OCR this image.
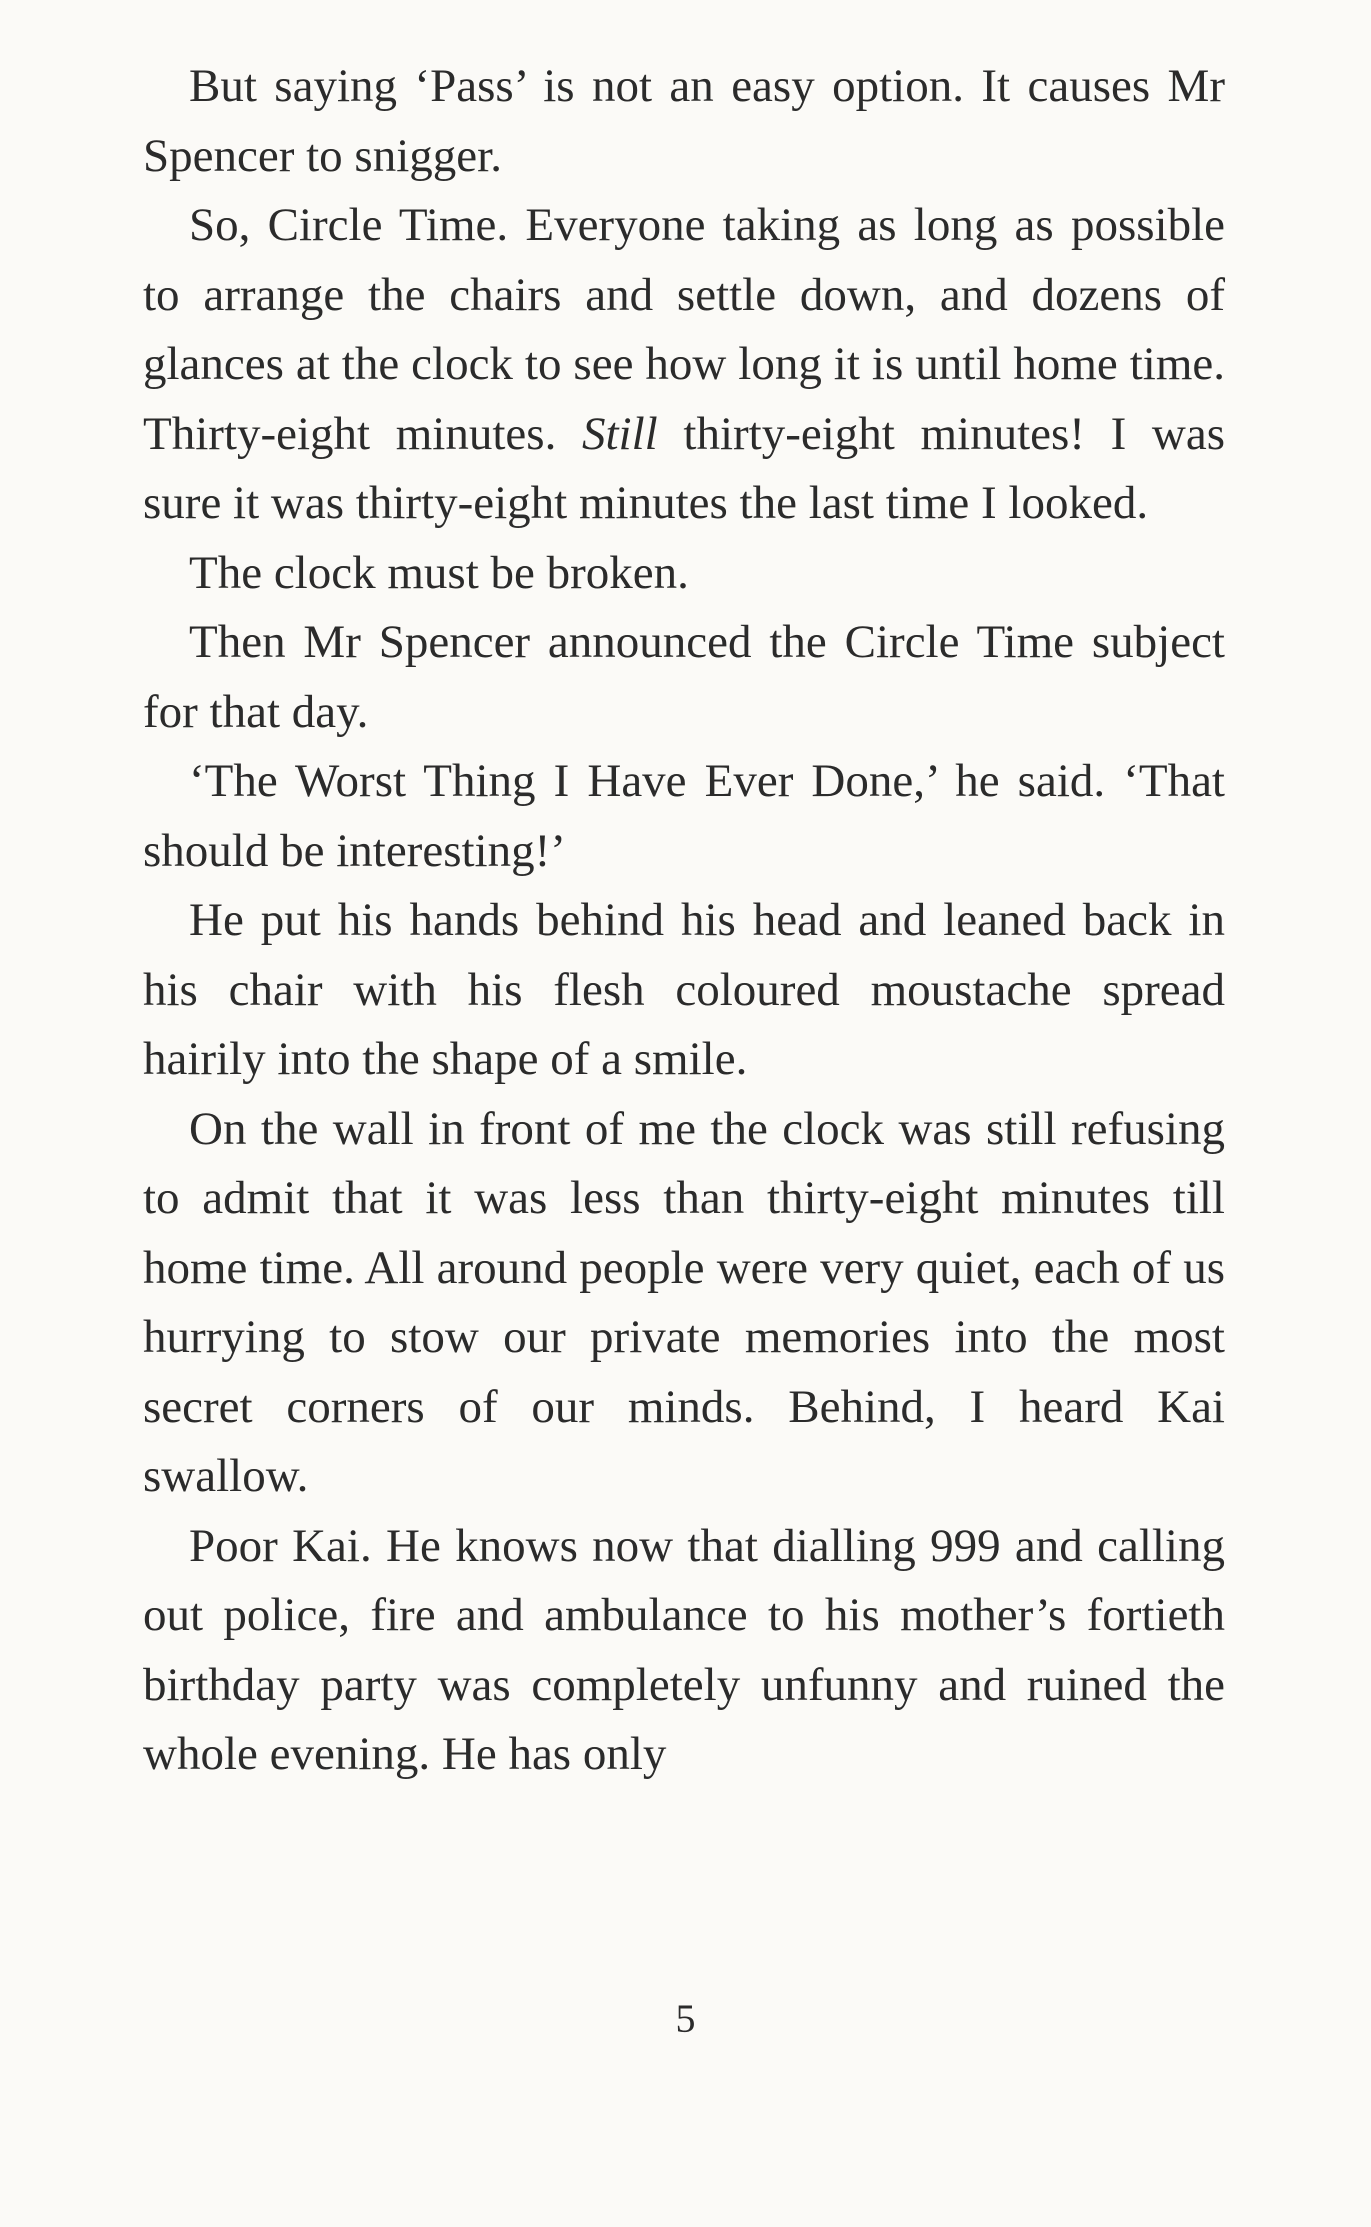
But saying ‘Pass’ is not an easy option. It causes Mr Spencer to snigger.

So, Circle Time. Everyone taking as long as possible to arrange the chairs and settle down, and dozens of glances at the clock to see how long it is until home time. Thirty-eight minutes. Still thirty-eight minutes! I was sure it was thirty-eight minutes the last time I looked.

The clock must be broken.

Then Mr Spencer announced the Circle Time subject for that day.

‘The Worst Thing I Have Ever Done,’ he said. ‘That should be interesting!’

He put his hands behind his head and leaned back in his chair with his flesh coloured moustache spread hairily into the shape of a smile.

On the wall in front of me the clock was still refusing to admit that it was less than thirty-eight minutes till home time. All around people were very quiet, each of us hurrying to stow our private memories into the most secret corners of our minds. Behind, I heard Kai swallow.

Poor Kai. He knows now that dialling 999 and calling out police, fire and ambulance to his mother’s fortieth birthday party was completely unfunny and ruined the whole evening. He has only

5
